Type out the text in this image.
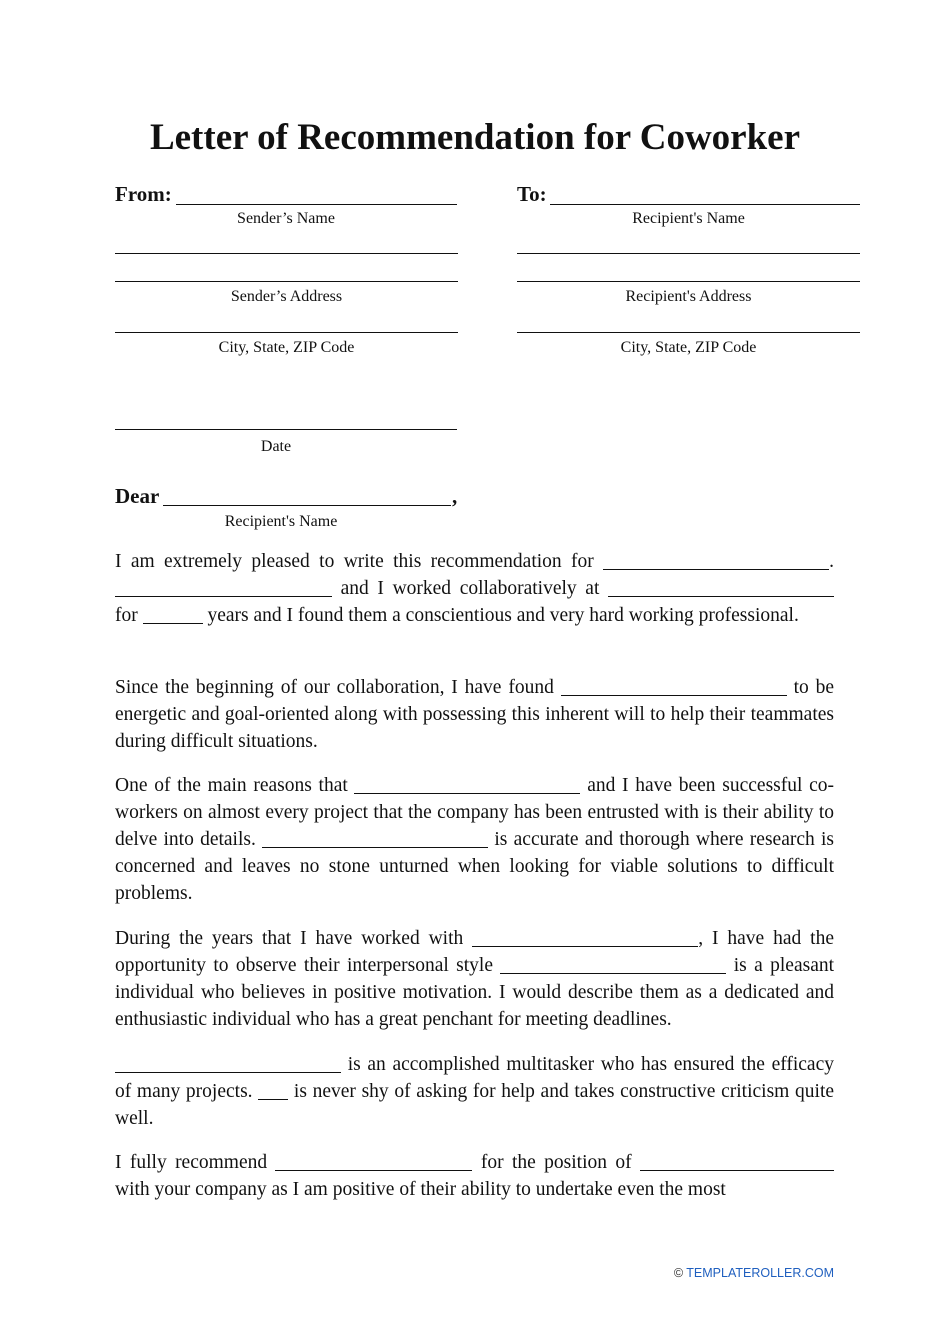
Letter of Recommendation for Coworker
From:
Sender’s Name
Sender’s Address
City, State, ZIP Code
Date
To:
Recipient's Name
Recipient's Address
City, State, ZIP Code
Dear	,
Recipient's Name

I am extremely pleased to write this recommendation for	.  and I worked collaboratively at  for	years and I found them a conscientious and very hard working professional.

Since the beginning of our collaboration, I have found	to be energetic and goal-oriented along with possessing this inherent will to help their teammates during difficult situations.

One of the main reasons that	and I have been successful co-workers on almost every project that the company has been entrusted with is their ability to delve into details.	is accurate and thorough where research is concerned and leaves no stone unturned when looking for viable solutions to difficult problems.

During the years that I have worked with	, I have had the opportunity to observe their interpersonal style	is a pleasant individual who believes in positive motivation. I would describe them as a dedicated and enthusiastic individual who has a great penchant for meeting deadlines.

is an accomplished multitasker who has ensured the efficacy of many projects. is never shy of asking for help and takes constructive criticism quite well.

I fully recommend	for the position of  with your company as I am positive of their ability to undertake even the most

© TEMPLATEROLLER.COM
